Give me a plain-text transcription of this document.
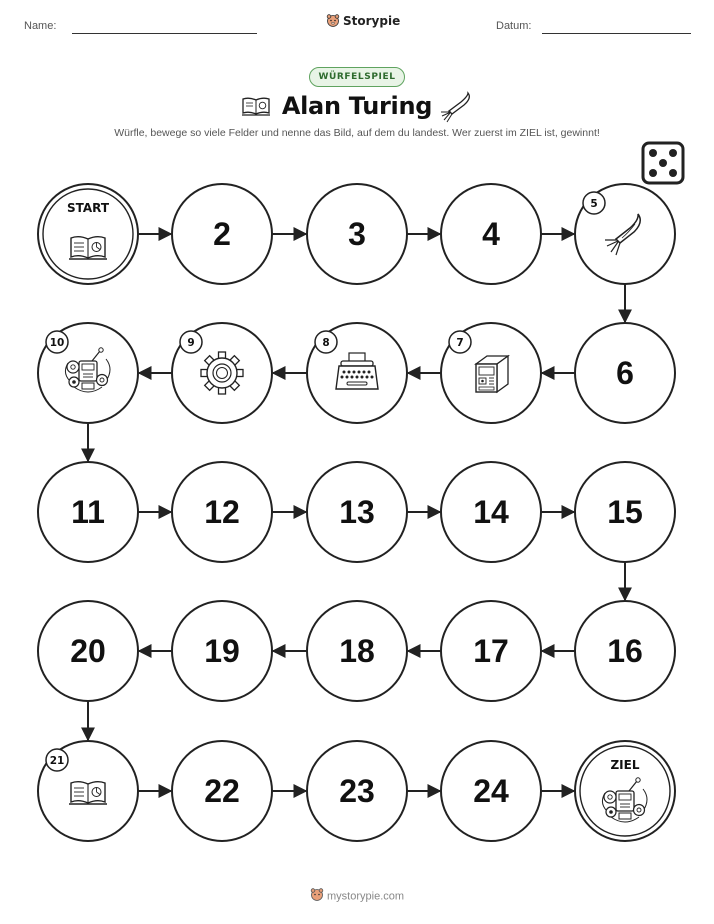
Name:	Storypie	Datum:
WÜRFELSPIEL
Alan Turing
Würfle, bewege so viele Felder und nenne das Bild, auf dem du landest. Wer zuerst im ZIEL ist, gewinnt!
START
2	3	4
5
6
7
8
9
10
11	12	13	14	15
16
17
18
19
20
21
22	23	24
ZIEL
mystorypie.com
